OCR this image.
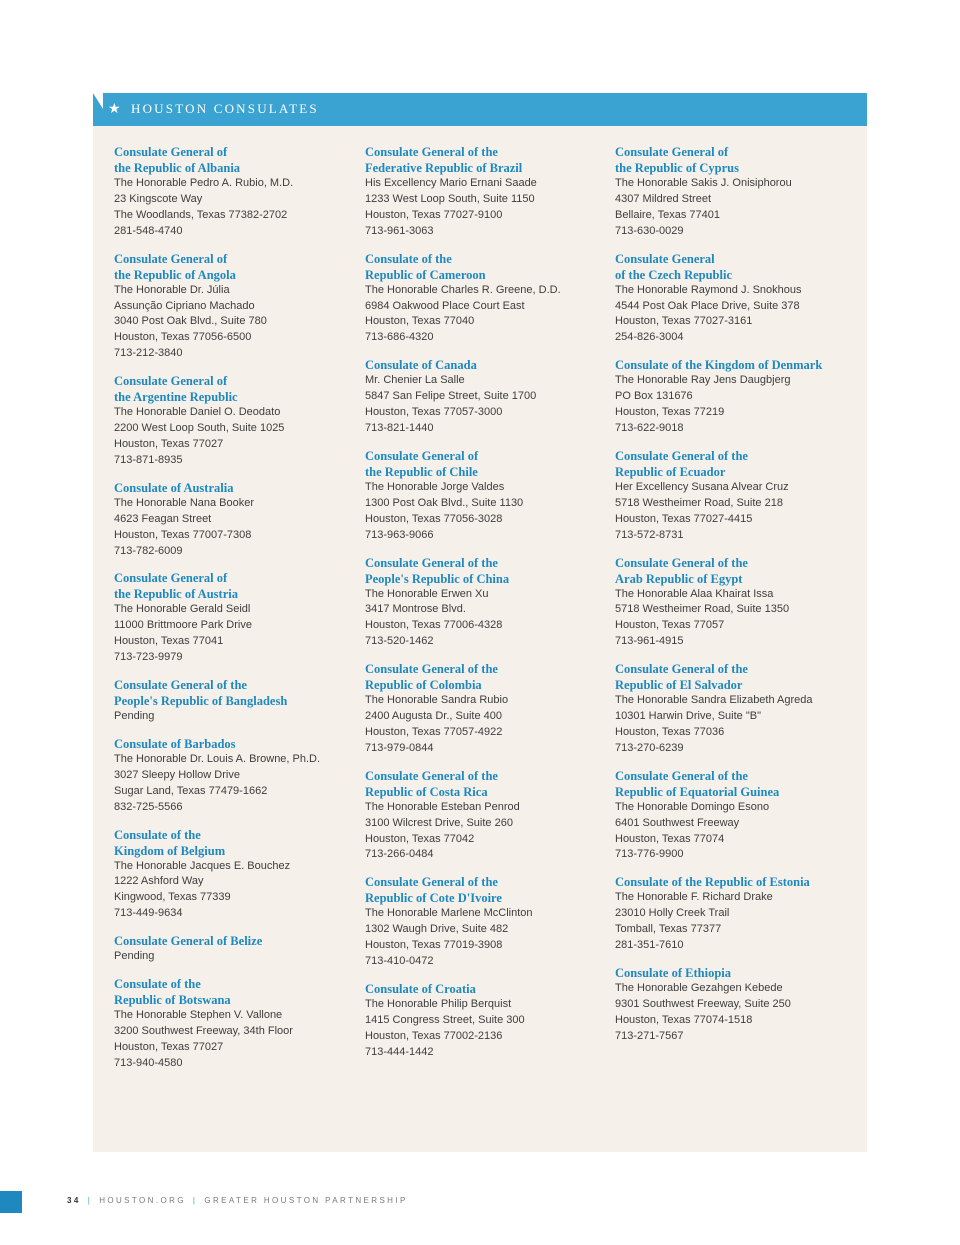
★ HOUSTON CONSULATES
Consulate General of
the Republic of Albania
The Honorable Pedro A. Rubio, M.D.
23 Kingscote Way
The Woodlands, Texas 77382-2702
281-548-4740
Consulate General of
the Republic of Angola
The Honorable Dr. Júlia
Assunção Cipriano Machado
3040 Post Oak Blvd., Suite 780
Houston, Texas 77056-6500
713-212-3840
Consulate General of
the Argentine Republic
The Honorable Daniel O. Deodato
2200 West Loop South, Suite 1025
Houston, Texas 77027
713-871-8935
Consulate of Australia
The Honorable Nana Booker
4623 Feagan Street
Houston, Texas 77007-7308
713-782-6009
Consulate General of
the Republic of Austria
The Honorable Gerald Seidl
11000 Brittmoore Park Drive
Houston, Texas 77041
713-723-9979
Consulate General of the
People's Republic of Bangladesh
Pending
Consulate of Barbados
The Honorable Dr. Louis A. Browne, Ph.D.
3027 Sleepy Hollow Drive
Sugar Land, Texas 77479-1662
832-725-5566
Consulate of the
Kingdom of Belgium
The Honorable Jacques E. Bouchez
1222 Ashford Way
Kingwood, Texas 77339
713-449-9634
Consulate General of Belize
Pending
Consulate of the
Republic of Botswana
The Honorable Stephen V. Vallone
3200 Southwest Freeway, 34th Floor
Houston, Texas 77027
713-940-4580
Consulate General of the
Federative Republic of Brazil
His Excellency Mario Ernani Saade
1233 West Loop South, Suite 1150
Houston, Texas 77027-9100
713-961-3063
Consulate of the
Republic of Cameroon
The Honorable Charles R. Greene, D.D.
6984 Oakwood Place Court East
Houston, Texas 77040
713-686-4320
Consulate of Canada
Mr. Chenier La Salle
5847 San Felipe Street, Suite 1700
Houston, Texas 77057-3000
713-821-1440
Consulate General of
the Republic of Chile
The Honorable Jorge Valdes
1300 Post Oak Blvd., Suite 1130
Houston, Texas 77056-3028
713-963-9066
Consulate General of the
People's Republic of China
The Honorable Erwen Xu
3417 Montrose Blvd.
Houston, Texas 77006-4328
713-520-1462
Consulate General of the
Republic of Colombia
The Honorable Sandra Rubio
2400 Augusta Dr., Suite 400
Houston, Texas 77057-4922
713-979-0844
Consulate General of the
Republic of Costa Rica
The Honorable Esteban Penrod
3100 Wilcrest Drive, Suite 260
Houston, Texas 77042
713-266-0484
Consulate General of the
Republic of Cote D'Ivoire
The Honorable Marlene McClinton
1302 Waugh Drive, Suite 482
Houston, Texas 77019-3908
713-410-0472
Consulate of Croatia
The Honorable Philip Berquist
1415 Congress Street, Suite 300
Houston, Texas 77002-2136
713-444-1442
Consulate General of
the Republic of Cyprus
The Honorable Sakis J. Onisiphorou
4307 Mildred Street
Bellaire, Texas 77401
713-630-0029
Consulate General
of the Czech Republic
The Honorable Raymond J. Snokhous
4544 Post Oak Place Drive, Suite 378
Houston, Texas 77027-3161
254-826-3004
Consulate of the Kingdom of Denmark
The Honorable Ray Jens Daugbjerg
PO Box 131676
Houston, Texas 77219
713-622-9018
Consulate General of the
Republic of Ecuador
Her Excellency Susana Alvear Cruz
5718 Westheimer Road, Suite 218
Houston, Texas 77027-4415
713-572-8731
Consulate General of the
Arab Republic of Egypt
The Honorable Alaa Khairat Issa
5718 Westheimer Road, Suite 1350
Houston, Texas 77057
713-961-4915
Consulate General of the
Republic of El Salvador
The Honorable Sandra Elizabeth Agreda
10301 Harwin Drive, Suite "B"
Houston, Texas 77036
713-270-6239
Consulate General of the
Republic of Equatorial Guinea
The Honorable Domingo Esono
6401 Southwest Freeway
Houston, Texas 77074
713-776-9900
Consulate of the Republic of Estonia
The Honorable F. Richard Drake
23010 Holly Creek Trail
Tomball, Texas 77377
281-351-7610
Consulate of Ethiopia
The Honorable Gezahgen Kebede
9301 Southwest Freeway, Suite 250
Houston, Texas 77074-1518
713-271-7567
34 | HOUSTON.ORG | GREATER HOUSTON PARTNERSHIP
